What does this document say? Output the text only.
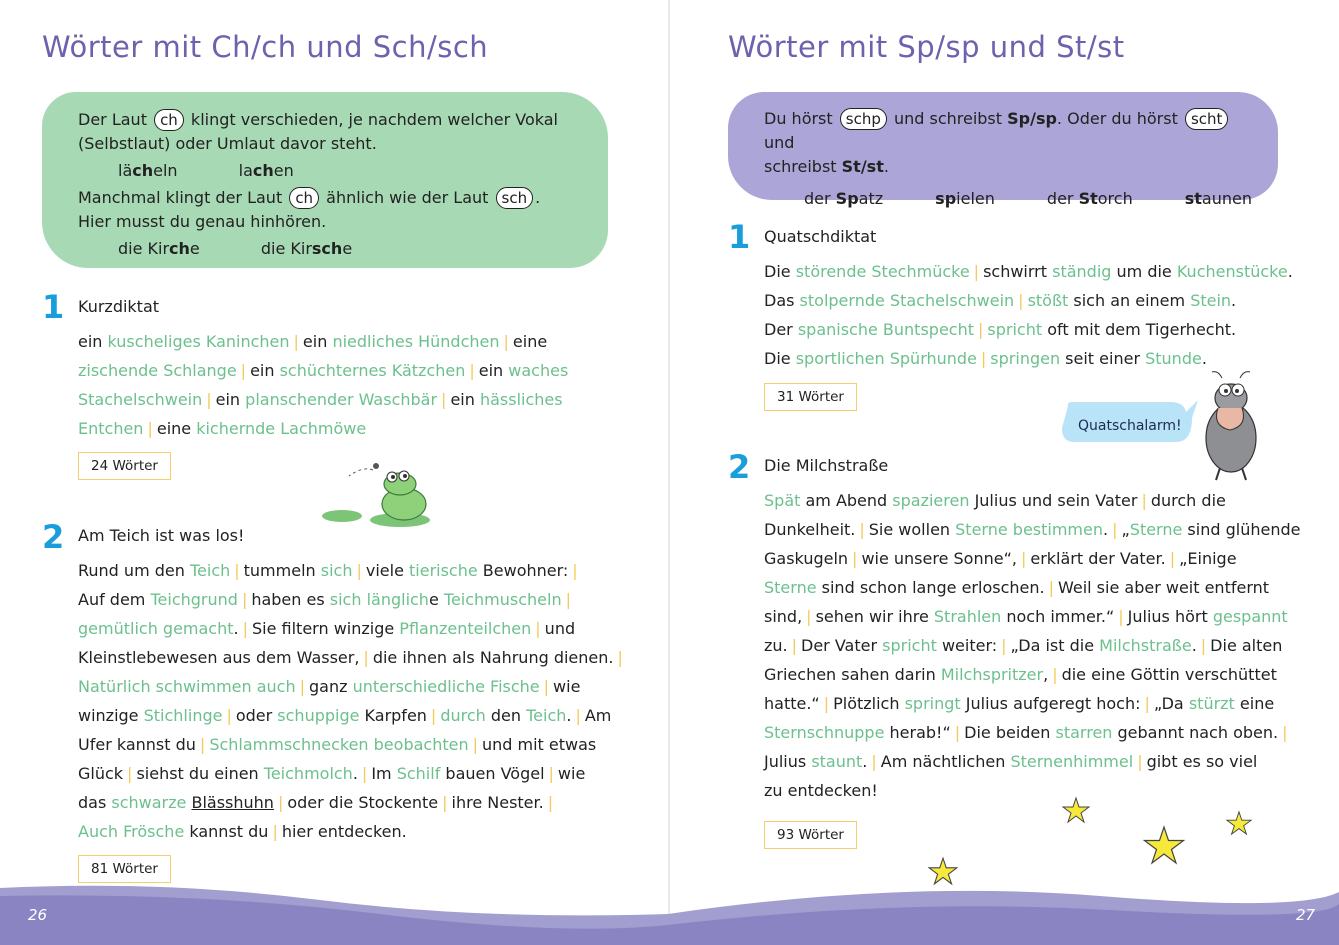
Wörter mit Ch/ch und Sch/sch
Der Laut ch klingt verschieden, je nachdem welcher Vokal
(Selbstlaut) oder Umlaut davor steht.
lächeln	lachen
Manchmal klingt der Laut ch ähnlich wie der Laut sch .
Hier musst du genau hinhören.
die Kirche	die Kirsche
1 Kurzdiktat
ein kuscheliges Kaninchen | ein niedliches Hündchen | eine
zischende Schlange | ein schüchternes Kätzchen | ein waches
Stachelschwein | ein planschender Waschbär | ein hässliches
Entchen | eine kichernde Lachmöwe
24 Wörter
2 Am Teich ist was los!
Rund um den Teich | tummeln sich | viele tierische Bewohner: |
Auf dem Teichgrund | haben es sich längliche Teichmuscheln |
gemütlich gemacht. | Sie filtern winzige Pflanzenteilchen | und
Kleinstlebewesen aus dem Wasser, | die ihnen als Nahrung dienen. |
Natürlich schwimmen auch | ganz unterschiedliche Fische | wie
winzige Stichlinge | oder schuppige Karpfen | durch den Teich. | Am
Ufer kannst du | Schlammschnecken beobachten | und mit etwas
Glück | siehst du einen Teichmolch. | Im Schilf bauen Vögel | wie
das schwarze Blässhuhn | oder die Stockente | ihre Nester. |
Auch Frösche kannst du | hier entdecken.
81 Wörter
Wörter mit Sp/sp und St/st
Du hörst schp und schreibst Sp/sp. Oder du hörst scht und
schreibst St/st.
der Spatz	spielen	der Storch	staunen
1 Quatschdiktat
Die störende Stechmücke | schwirrt ständig um die Kuchenstücke.
Das stolpernde Stachelschwein | stößt sich an einem Stein.
Der spanische Buntspecht | spricht oft mit dem Tigerhecht.
Die sportlichen Spürhunde | springen seit einer Stunde.
31 Wörter
2 Die Milchstraße
Spät am Abend spazieren Julius und sein Vater | durch die
Dunkelheit. | Sie wollen Sterne bestimmen. | „Sterne sind glühende
Gaskugeln | wie unsere Sonne“, | erklärt der Vater. | „Einige
Sterne sind schon lange erloschen. | Weil sie aber weit entfernt
sind, | sehen wir ihre Strahlen noch immer.“ | Julius hört gespannt
zu. | Der Vater spricht weiter: | „Da ist die Milchstraße. | Die alten
Griechen sahen darin Milchspritzer, | die eine Göttin verschüttet
hatte.“ | Plötzlich springt Julius aufgeregt hoch: | „Da stürzt eine
Sternschnuppe herab!“ | Die beiden starren gebannt nach oben. |
Julius staunt. | Am nächtlichen Sternenhimmel | gibt es so viel
zu entdecken!
93 Wörter
Quatschalarm!
26	27
